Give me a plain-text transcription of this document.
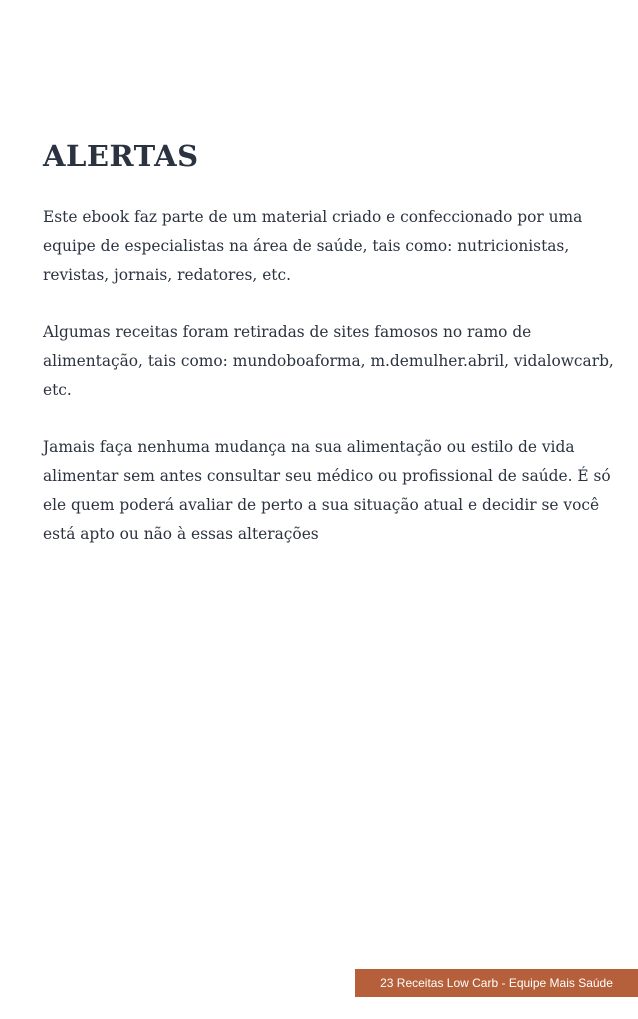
ALERTAS

Este ebook faz parte de um material criado e confeccionado por uma equipe de especialistas na área de saúde, tais como: nutricionistas, revistas, jornais, redatores, etc.

Algumas receitas foram retiradas de sites famosos no ramo de alimentação, tais como: mundoboaforma, m.demulher.abril, vidalowcarb, etc.

Jamais faça nenhuma mudança na sua alimentação ou estilo de vida alimentar sem antes consultar seu médico ou profissional de saúde. É só ele quem poderá avaliar de perto a sua situação atual e decidir se você está apto ou não à essas alterações

23 Receitas Low Carb - Equipe Mais Saúde
